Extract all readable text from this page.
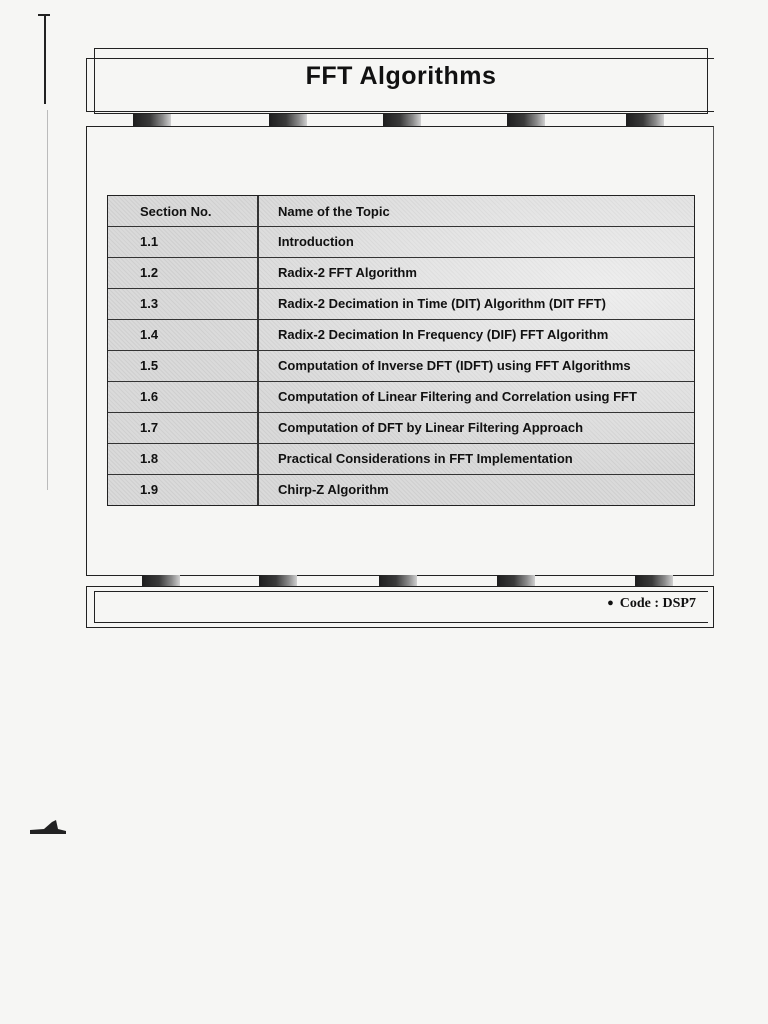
FFT Algorithms
Section No.	Name of the Topic
1.1	Introduction
1.2	Radix-2 FFT Algorithm
1.3	Radix-2 Decimation in Time (DIT) Algorithm (DIT FFT)
1.4	Radix-2 Decimation In Frequency (DIF) FFT Algorithm
1.5	Computation of Inverse DFT (IDFT) using FFT Algorithms
1.6	Computation of Linear Filtering and Correlation using FFT
1.7	Computation of DFT by Linear Filtering Approach
1.8	Practical Considerations in FFT Implementation
1.9	Chirp-Z Algorithm
● Code : DSP7
